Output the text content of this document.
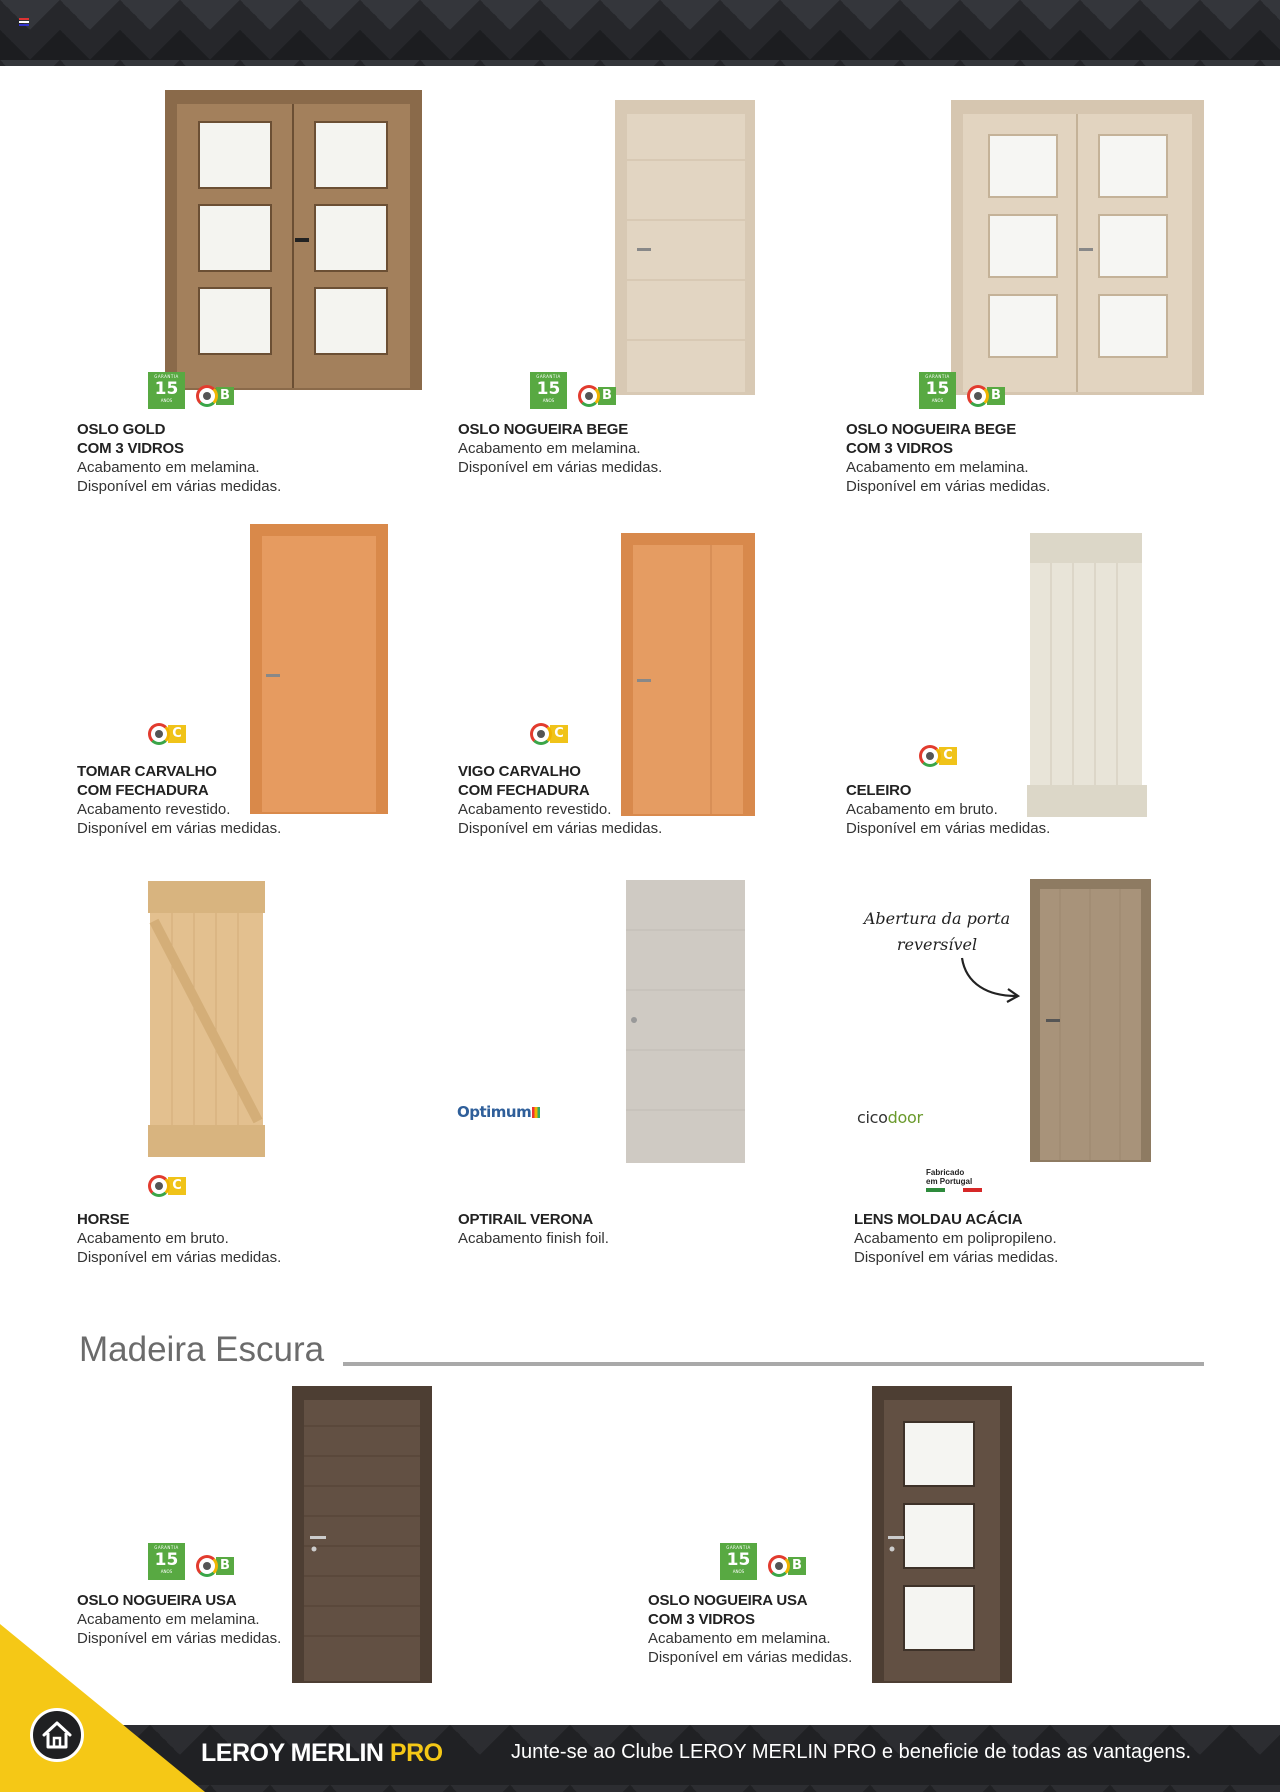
GARANTIA
15
ANOS	B
OSLO GOLD
COM 3 VIDROS
Acabamento em melamina.
Disponível em várias medidas.
GARANTIA
15
ANOS	B
OSLO NOGUEIRA BEGE
Acabamento em melamina.
Disponível em várias medidas.
GARANTIA
15
ANOS	B
OSLO NOGUEIRA BEGE
COM 3 VIDROS
Acabamento em melamina.
Disponível em várias medidas.
C
TOMAR CARVALHO
COM FECHADURA
Acabamento revestido.
Disponível em várias medidas.
C
VIGO CARVALHO
COM FECHADURA
Acabamento revestido.
Disponível em várias medidas.
C
CELEIRO
Acabamento em bruto.
Disponível em várias medidas.
C
HORSE
Acabamento em bruto.
Disponível em várias medidas.
Optimum
OPTIRAIL VERONA
Acabamento finish foil.
Abertura da porta
reversível
cicodoor
Fabricado
em Portugal
LENS MOLDAU ACÁCIA
Acabamento em polipropileno.
Disponível em várias medidas.
Madeira Escura
GARANTIA
15
ANOS	B
OSLO NOGUEIRA USA
Acabamento em melamina.
Disponível em várias medidas.
GARANTIA
15
ANOS	B
OSLO NOGUEIRA USA
COM 3 VIDROS
Acabamento em melamina.
Disponível em várias medidas.
LEROY MERLIN PRO	Junte-se ao Clube LEROY MERLIN PRO e beneficie de todas as vantagens.
